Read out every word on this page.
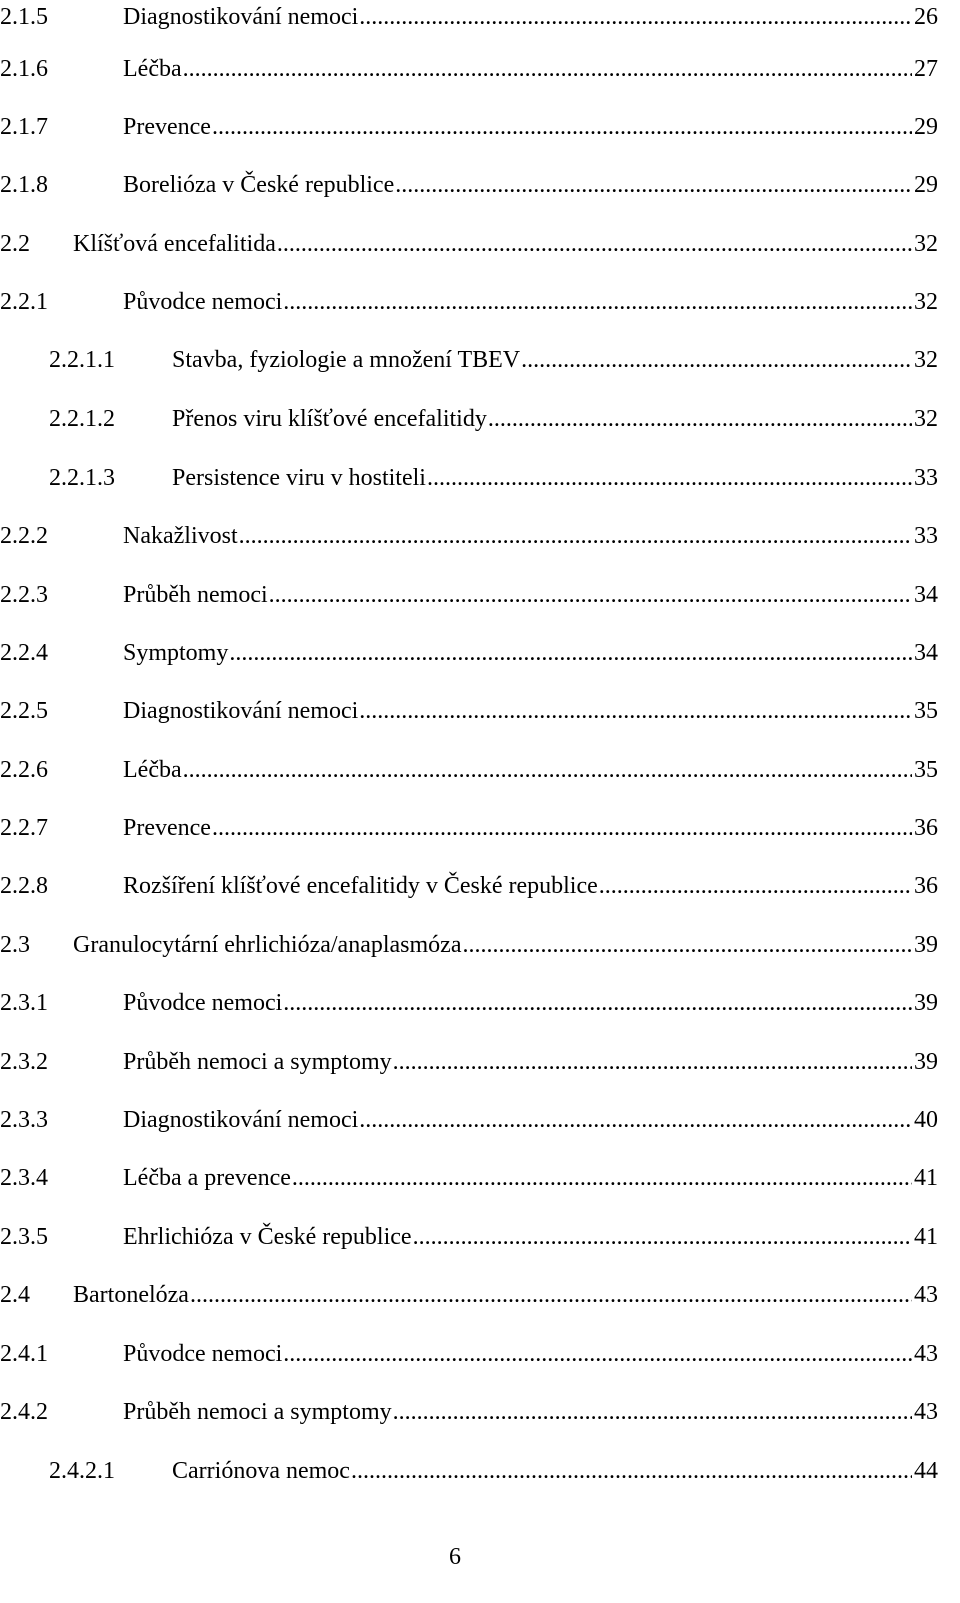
2.1.5	Diagnostikování nemoci .....	26
2.1.6	Léčba .....	27
2.1.7	Prevence .....	29
2.1.8	Borelióza v České republice .....	29
2.2	Klíšťová encefalitida .....	32
2.2.1	Původce nemoci .....	32
2.2.1.1	Stavba, fyziologie a množení TBEV .....	32
2.2.1.2	Přenos viru klíšťové encefalitidy .....	32
2.2.1.3	Persistence viru v hostiteli .....	33
2.2.2	Nakažlivost .....	33
2.2.3	Průběh nemoci .....	34
2.2.4	Symptomy .....	34
2.2.5	Diagnostikování nemoci .....	35
2.2.6	Léčba .....	35
2.2.7	Prevence .....	36
2.2.8	Rozšíření klíšťové encefalitidy v České republice .....	36
2.3	Granulocytární ehrlichióza/anaplasmóza .....	39
2.3.1	Původce nemoci .....	39
2.3.2	Průběh nemoci a symptomy .....	39
2.3.3	Diagnostikování nemoci .....	40
2.3.4	Léčba a prevence .....	41
2.3.5	Ehrlichióza v České republice .....	41
2.4	Bartonelóza .....	43
2.4.1	Původce nemoci .....	43
2.4.2	Průběh nemoci a symptomy .....	43
2.4.2.1	Carriónova nemoc .....	44
6
